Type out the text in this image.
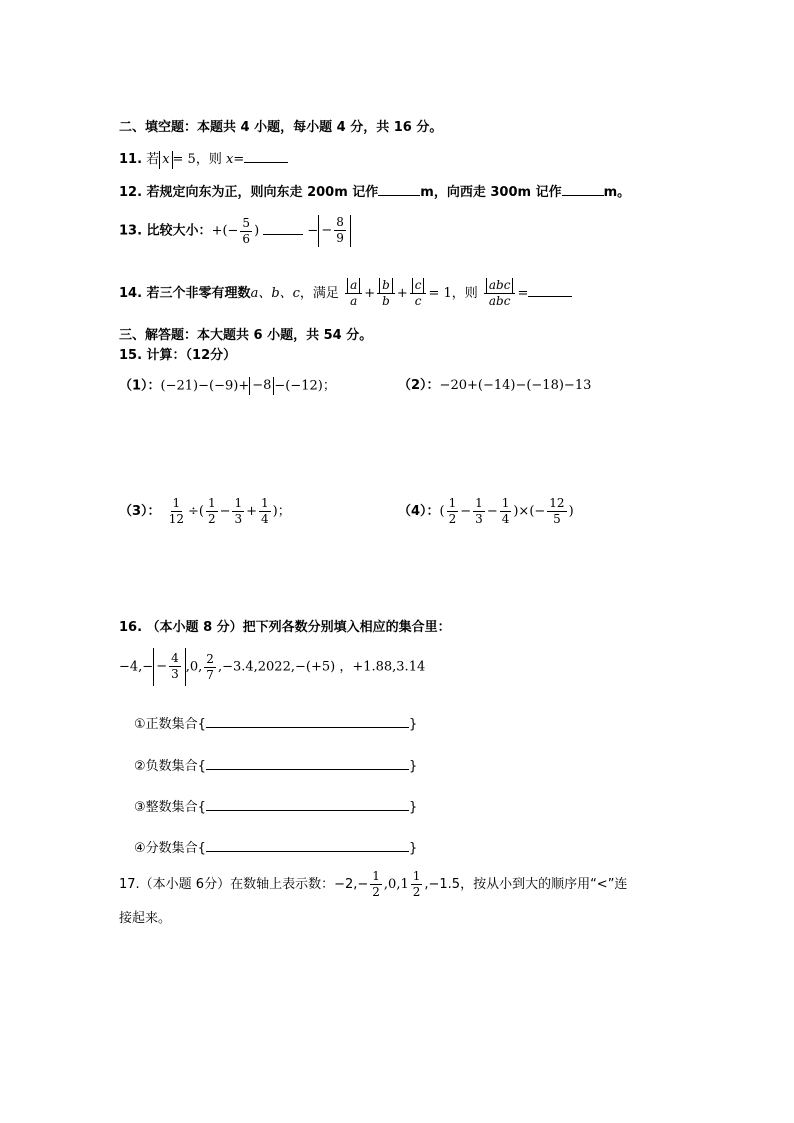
二、填空题：本题共 4 小题，每小题 4 分，共 16 分。
11. 若 x = 5，则 x=
12. 若规定向东为正，则向东走 200m 记作	m，向西走 300m 记作	m。
13. 比较大小：+(− $\frac{5}{6}$ )	− − $\frac{8}{9}$
14. 若三个非零有理数a、b、c，满足 $\frac{a}{a} + \frac{b}{b} + \frac{c}{c} = 1$，则 $\frac{\text{abc}}{\text{abc}}$ =
三、解答题：本大题共 6 小题，共 54 分。
15. 计算：（12分）
（1）：(−21)−(−9)+ −8 −(−12)；	（2）：−20+(−14)−(−18)−13
（3）： $\frac{1}{12}$ ÷( $\frac{1}{2} - \frac{1}{3} + \frac{1}{4}$ )；	（4）：( $\frac{1}{2} - \frac{1}{3} - \frac{1}{4}$ )×(− $\frac{12}{5}$ )
16. （本小题 8 分）把下列各数分别填入相应的集合里：
$-4,- - \frac{4}{3} ,0$, $\frac{2}{7} ,-3.4,2022,-(+5)$ ，+1.88,3.14
①正数集合{	}
②负数集合{	}
③整数集合{	}
④分数集合{	}
17.（本小题 6分）在数轴上表示数：$-2,- \frac{1}{2} ,0,1 \frac{1}{2} ,-1.5$，按从小到大的顺序用“<”连
接起来。
